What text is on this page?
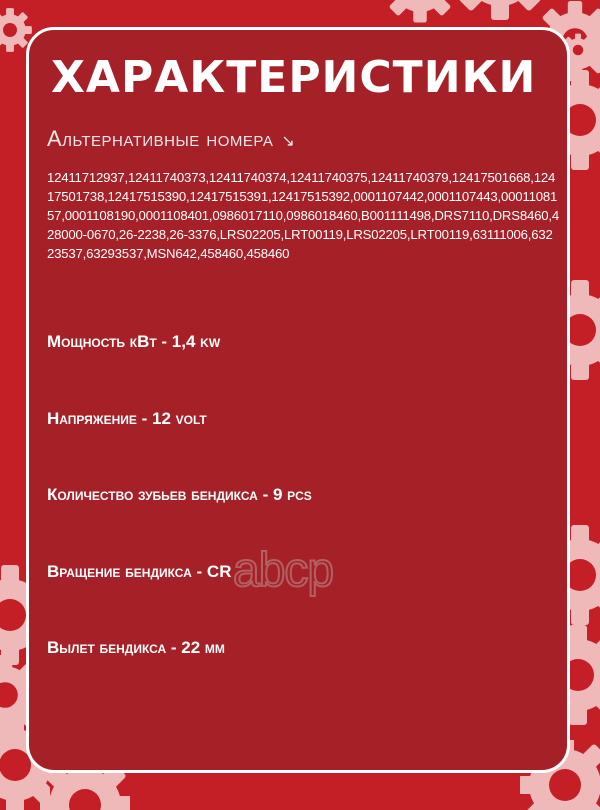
ХАРАКТЕРИСТИКИ
Альтернативные номера ↘

12411712937,12411740373,12411740374,12411740375,12411740379,12417501668,12417501738,12417515390,12417515391,12417515392,0001107442,0001107443,0001108157,0001108190,0001108401,0986017110,0986018460,B001111498,DRS7110,DRS8460,428000-0670,26-2238,26-3376,LRS02205,LRT00119,LRS02205,LRT00119,63111006,63223537,63293537,MSN642,458460,458460

Мощность кВт - 1,4 kw

Напряжение - 12 volt

Количество зубьев бендикса - 9 pcs

Вращение бендикса - CR

Вылет бендикса - 22 мм

abcp
